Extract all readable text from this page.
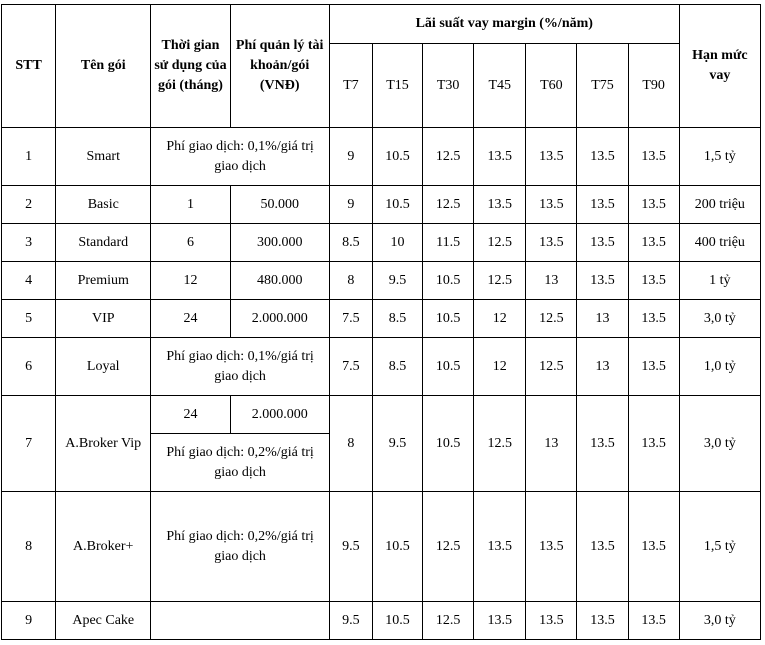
STT	Tên gói	Thời gian sử dụng của gói (tháng)	Phí quản lý tài khoản/gói (VNĐ)	Lãi suất vay margin (%/năm)							Hạn mức vay
				T7	T15	T30	T45	T60	T75	T90	
1	Smart	Phí giao dịch: 0,1%/giá trị giao dịch		9	10.5	12.5	13.5	13.5	13.5	13.5	1,5 tỷ
2	Basic	1	50.000	9	10.5	12.5	13.5	13.5	13.5	13.5	200 triệu
3	Standard	6	300.000	8.5	10	11.5	12.5	13.5	13.5	13.5	400 triệu
4	Premium	12	480.000	8	9.5	10.5	12.5	13	13.5	13.5	1 tỷ
5	VIP	24	2.000.000	7.5	8.5	10.5	12	12.5	13	13.5	3,0 tỷ
6	Loyal	Phí giao dịch: 0,1%/giá trị giao dịch		7.5	8.5	10.5	12	12.5	13	13.5	1,0 tỷ
7	A.Broker Vip	24	2.000.000	8	9.5	10.5	12.5	13	13.5	13.5	3,0 tỷ
		Phí giao dịch: 0,2%/giá trị giao dịch									
8	A.Broker+	Phí giao dịch: 0,2%/giá trị giao dịch		9.5	10.5	12.5	13.5	13.5	13.5	13.5	1,5 tỷ
9	Apec Cake			9.5	10.5	12.5	13.5	13.5	13.5	13.5	3,0 tỷ
